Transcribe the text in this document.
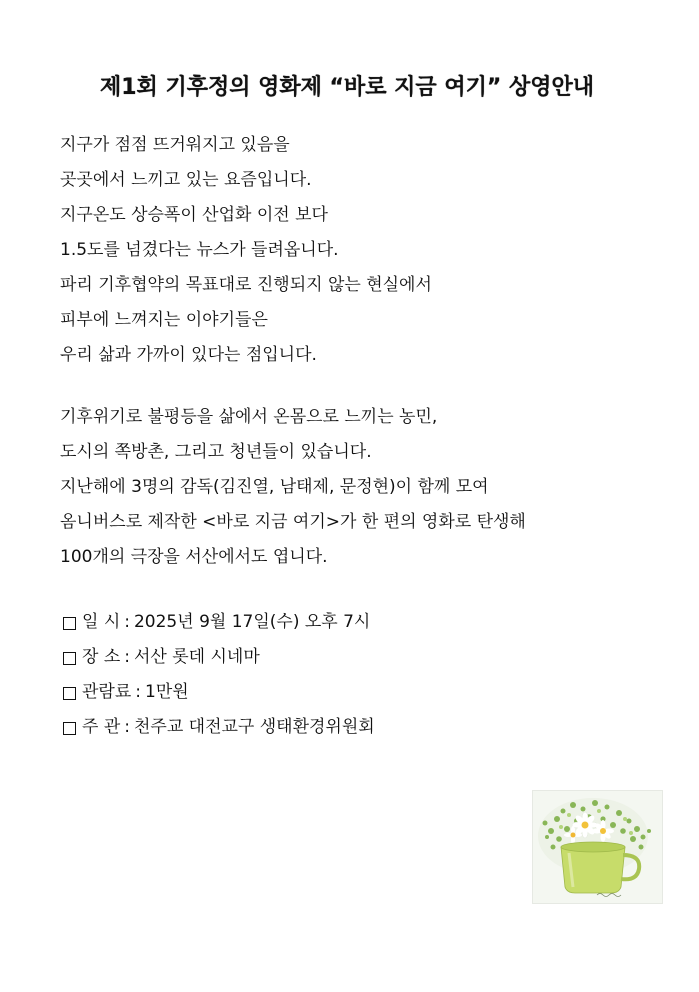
제1회 기후정의 영화제 “바로 지금 여기” 상영안내
지구가 점점 뜨거워지고 있음을
곳곳에서 느끼고 있는 요즘입니다.
지구온도 상승폭이 산업화 이전 보다
1.5도를 넘겼다는 뉴스가 들려옵니다.
파리 기후협약의 목표대로 진행되지 않는 현실에서
피부에 느껴지는 이야기들은
우리 삶과 가까이 있다는 점입니다.
기후위기로 불평등을 삶에서 온몸으로 느끼는 농민,
도시의 쪽방촌, 그리고 청년들이 있습니다.
지난해에 3명의 감독(김진열, 남태제, 문정현)이 함께 모여
옴니버스로 제작한 <바로 지금 여기>가 한 편의 영화로 탄생해
100개의 극장을 서산에서도 엽니다.
일 시 : 2025년 9월 17일(수) 오후 7시
장 소 : 서산 롯데 시네마
관람료 : 1만원
주 관 : 천주교 대전교구 생태환경위원회
